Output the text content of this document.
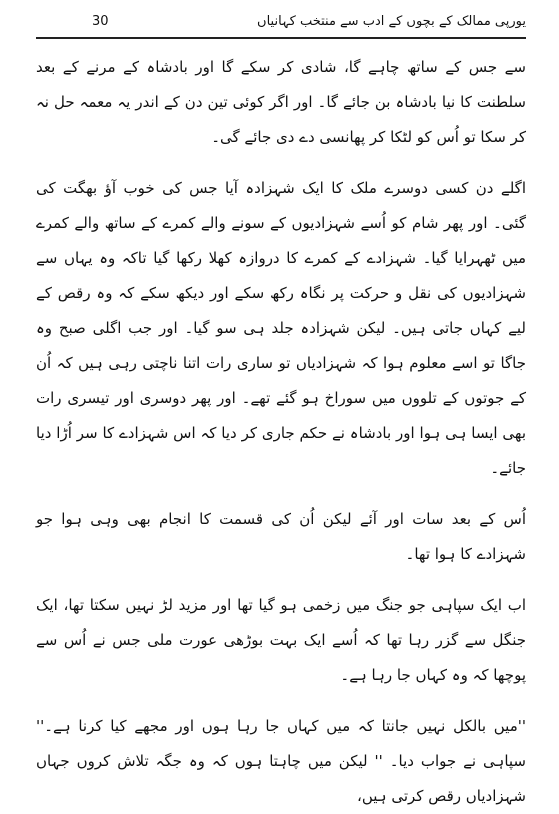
30	یورپی ممالک کے بچوں کے ادب سے منتخب کہانیاں

سے جس کے ساتھ چاہے گا، شادی کر سکے گا اور بادشاہ کے مرنے کے بعد سلطنت کا نیا بادشاہ بن جائے گا۔ اور اگر کوئی تین دن کے اندر یہ معمہ حل نہ کر سکا تو اُس کو لٹکا کر پھانسی دے دی جائے گی۔

اگلے دن کسی دوسرے ملک کا ایک شہزادہ آیا جس کی خوب آؤ بھگت کی گئی۔ اور پھر شام کو اُسے شہزادیوں کے سونے والے کمرے کے ساتھ والے کمرے میں ٹھہرایا گیا۔ شہزادے کے کمرے کا دروازہ کھلا رکھا گیا تاکہ وہ یہاں سے شہزادیوں کی نقل و حرکت پر نگاہ رکھ سکے اور دیکھ سکے کہ وہ رقص کے لیے کہاں جاتی ہیں۔ لیکن شہزادہ جلد ہی سو گیا۔ اور جب اگلی صبح وہ جاگا تو اسے معلوم ہوا کہ شہزادیاں تو ساری رات اتنا ناچتی رہی ہیں کہ اُن کے جوتوں کے تلووں میں سوراخ ہو گئے تھے۔ اور پھر دوسری اور تیسری رات بھی ایسا ہی ہوا اور بادشاہ نے حکم جاری کر دیا کہ اس شہزادے کا سر اُڑا دیا جائے۔

اُس کے بعد سات اور آئے لیکن اُن کی قسمت کا انجام بھی وہی ہوا جو شہزادے کا ہوا تھا۔

اب ایک سپاہی جو جنگ میں زخمی ہو گیا تھا اور مزید لڑ نہیں سکتا تھا، ایک جنگل سے گزر رہا تھا کہ اُسے ایک بہت بوڑھی عورت ملی جس نے اُس سے پوچھا کہ وہ کہاں جا رہا ہے۔

''میں بالکل نہیں جانتا کہ میں کہاں جا رہا ہوں اور مجھے کیا کرنا ہے۔'' سپاہی نے جواب دیا۔ '' لیکن میں چاہتا ہوں کہ وہ جگہ تلاش کروں جہاں شہزادیاں رقص کرتی ہیں،
